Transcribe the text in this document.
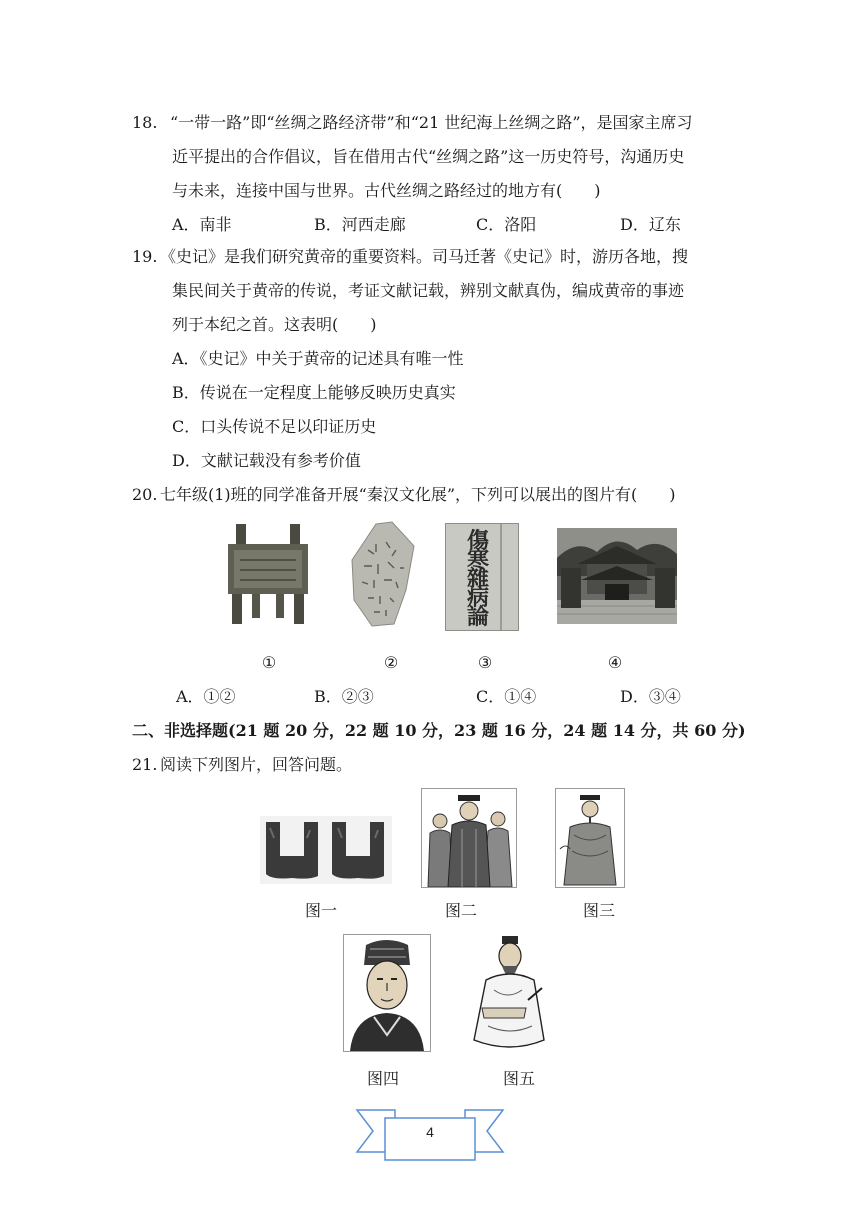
18. “一带一路”即“丝绸之路经济带”和“21 世纪海上丝绸之路”，是国家主席习
近平提出的合作倡议，旨在借用古代“丝绸之路”这一历史符号，沟通历史
与未来，连接中国与世界。古代丝绸之路经过的地方有(　　)
A．南非	B．河西走廊	C．洛阳	D．辽东
19. 《史记》是我们研究黄帝的重要资料。司马迁著《史记》时，游历各地，搜
集民间关于黄帝的传说，考证文献记载，辨别文献真伪，编成黄帝的事迹
列于本纪之首。这表明(　　)
A．《史记》中关于黄帝的记述具有唯一性
B．传说在一定程度上能够反映历史真实
C．口头传说不足以印证历史
D．文献记载没有参考价值
20. 七年级(1)班的同学准备开展“秦汉文化展”，下列可以展出的图片有(　　)
傷寒雜病論
①	②	③	④
A．①②	B．②③	C．①④	D．③④
二、非选择题(21 题 20 分，22 题 10 分，23 题 16 分，24 题 14 分，共 60 分)
21. 阅读下列图片，回答问题。
图一	图二	图三
图四	图五
4
